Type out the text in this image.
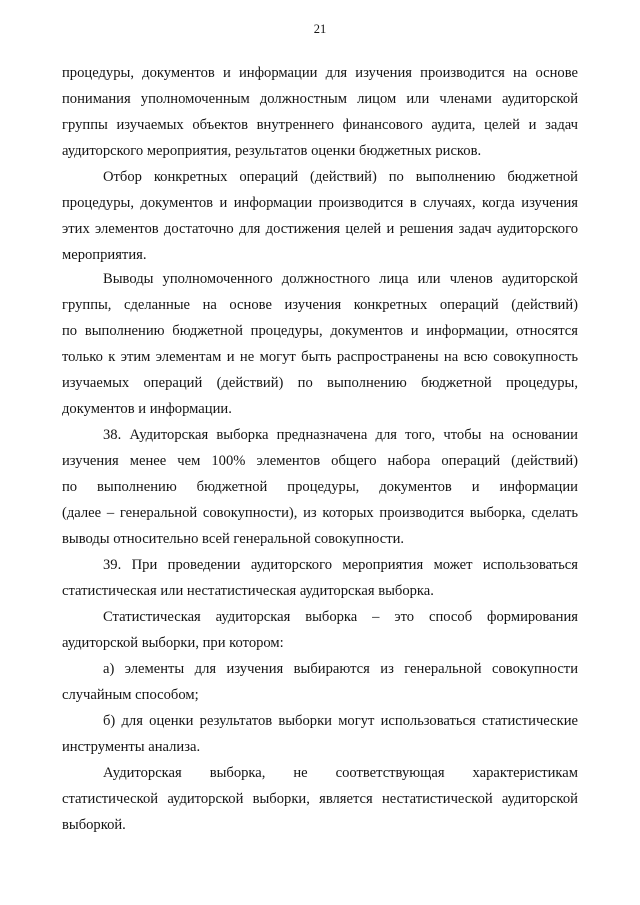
21
процедуры, документов и информации для изучения производится на основе
понимания уполномоченным должностным лицом или членами аудиторской
группы изучаемых объектов внутреннего финансового аудита, целей и задач
аудиторского мероприятия, результатов оценки бюджетных рисков.
Отбор конкретных операций (действий) по выполнению бюджетной
процедуры, документов и информации производится в случаях, когда изучения
этих элементов достаточно для достижения целей и решения задач аудиторского
мероприятия.
Выводы уполномоченного должностного лица или членов аудиторской
группы, сделанные на основе изучения конкретных операций (действий)
по выполнению бюджетной процедуры, документов и информации, относятся
только к этим элементам и не могут быть распространены на всю совокупность
изучаемых операций (действий) по выполнению бюджетной процедуры,
документов и информации.
38. Аудиторская выборка предназначена для того, чтобы на основании
изучения менее чем 100% элементов общего набора операций (действий)
по выполнению бюджетной процедуры, документов и информации
(далее – генеральной совокупности), из которых производится выборка, сделать
выводы относительно всей генеральной совокупности.
39. При проведении аудиторского мероприятия может использоваться
статистическая или нестатистическая аудиторская выборка.
Статистическая аудиторская выборка – это способ формирования
аудиторской выборки, при котором:
а) элементы для изучения выбираются из генеральной совокупности
случайным способом;
б) для оценки результатов выборки могут использоваться статистические
инструменты анализа.
Аудиторская выборка, не соответствующая характеристикам
статистической аудиторской выборки, является нестатистической аудиторской
выборкой.
